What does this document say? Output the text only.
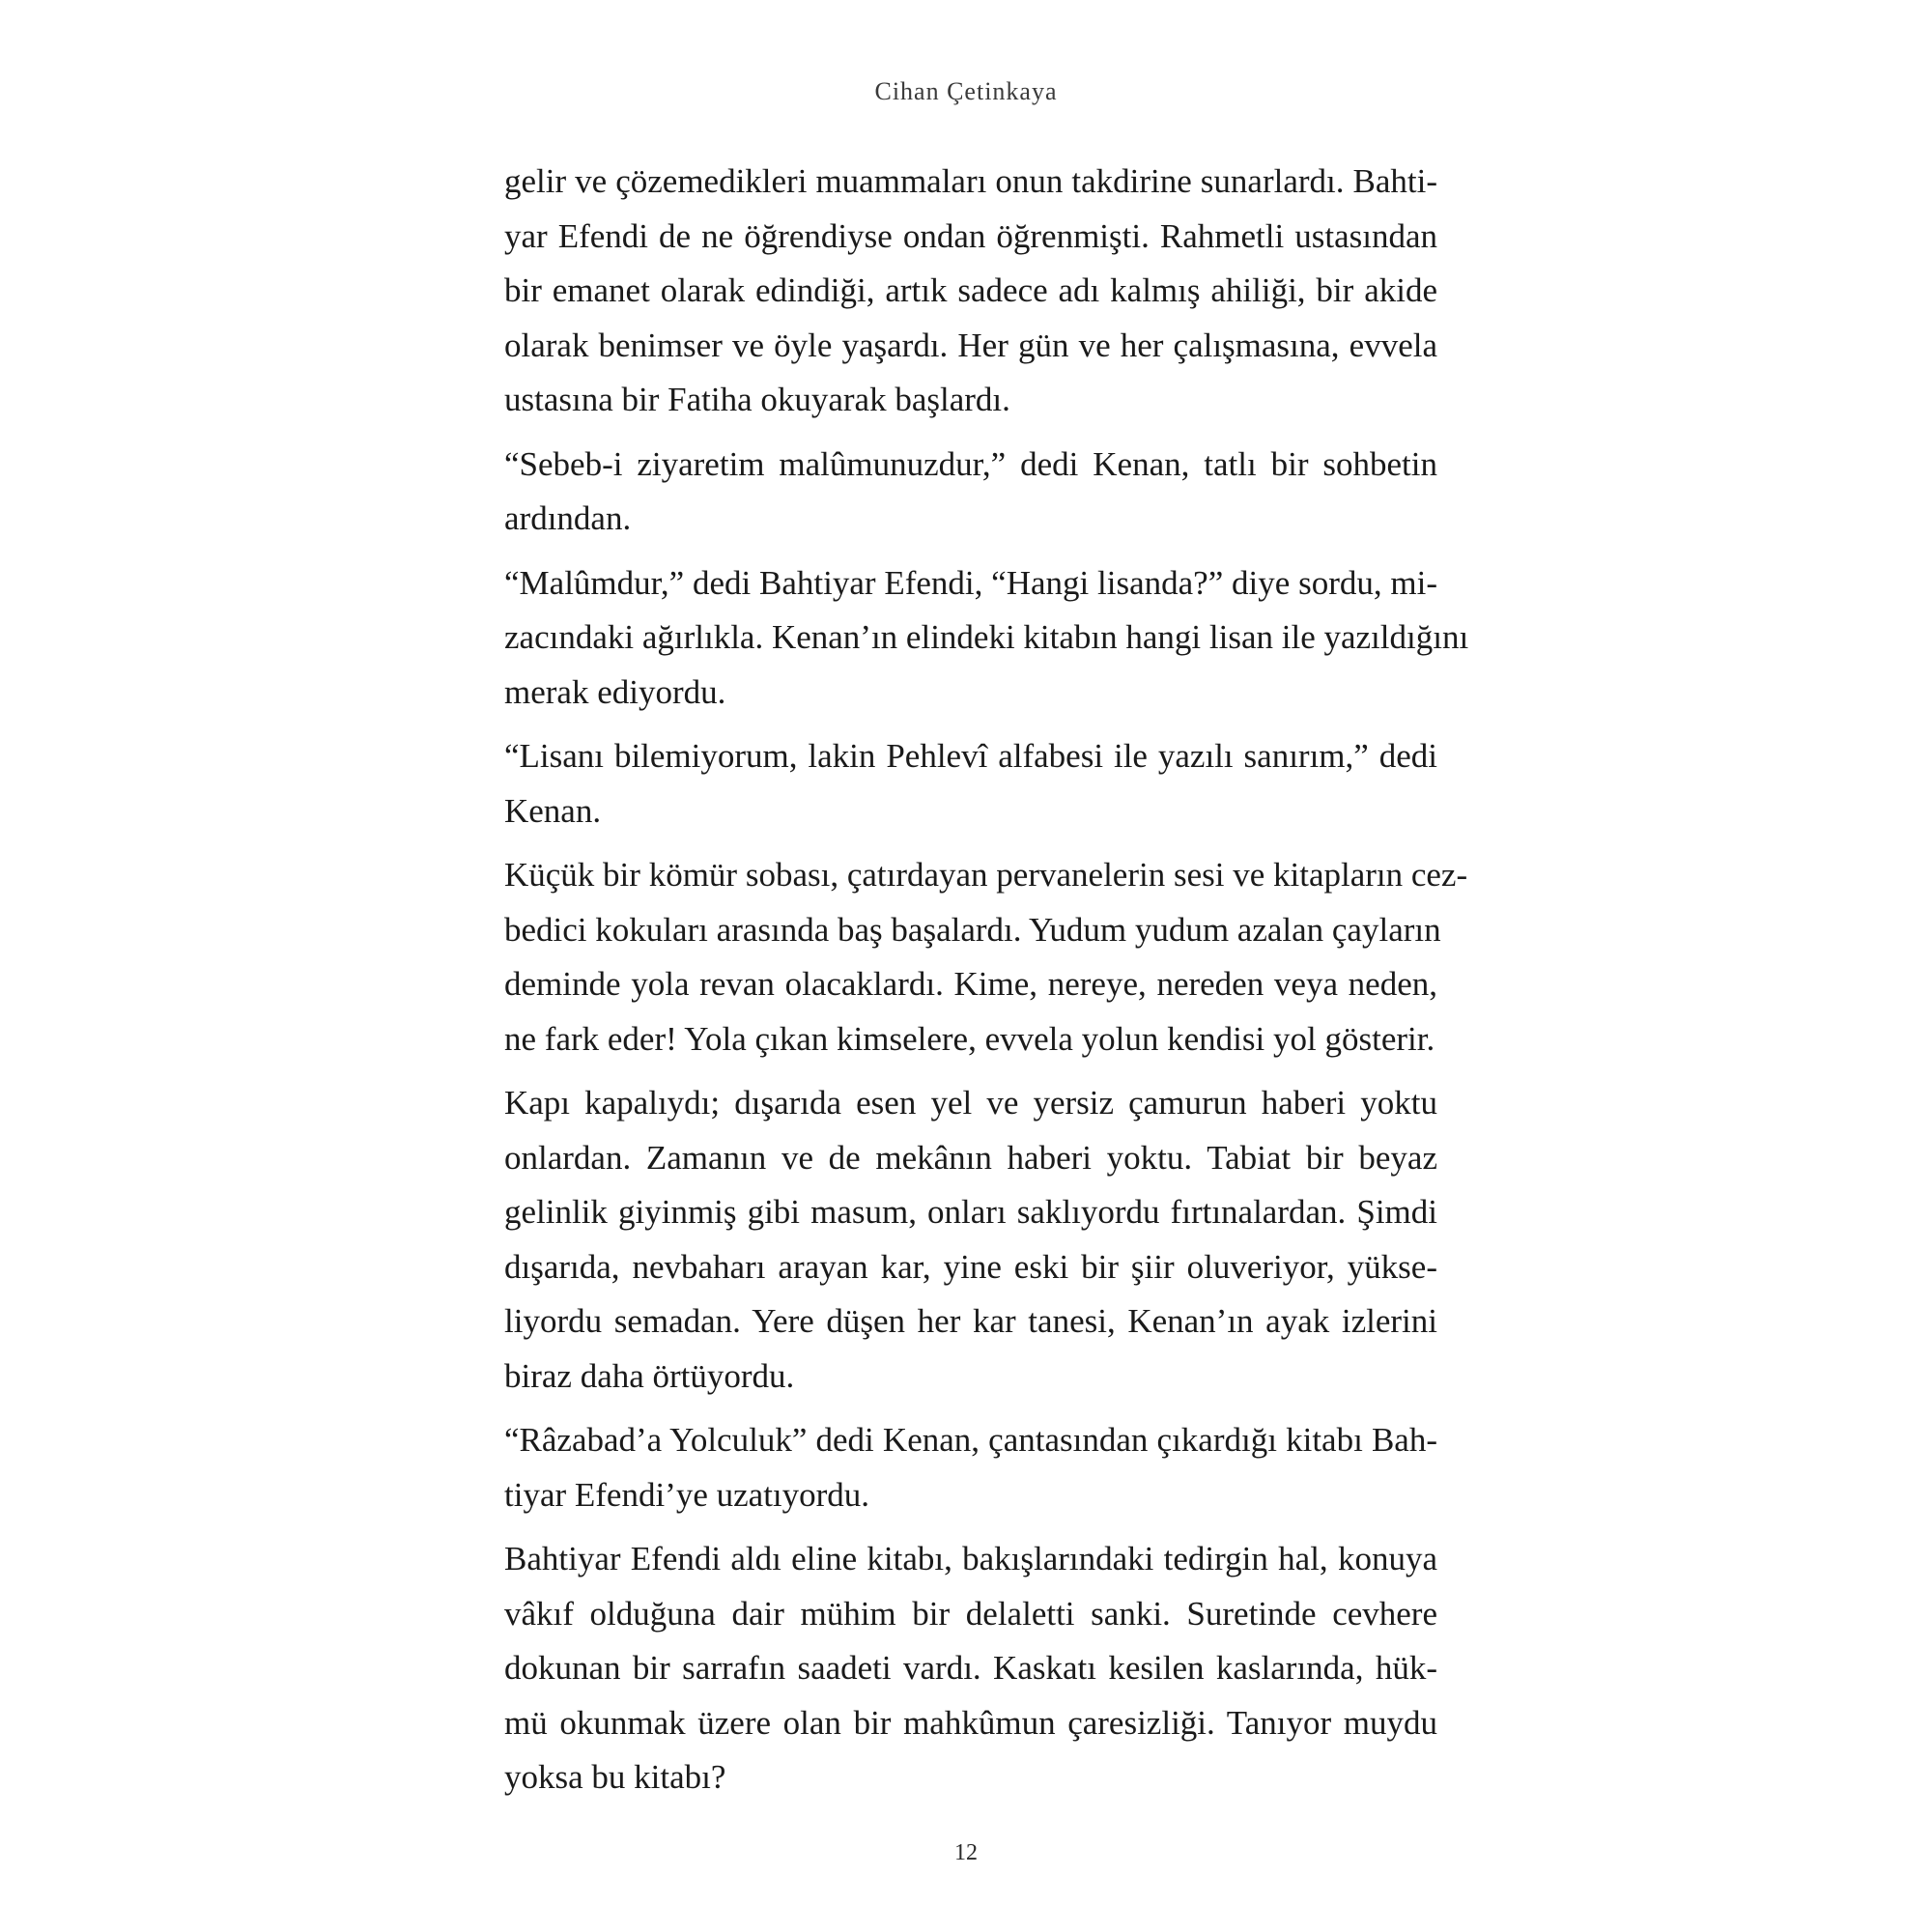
Cihan Çetinkaya

gelir ve çözemedikleri muammaları onun takdirine sunarlardı. Bahti-
yar Efendi de ne öğrendiyse ondan öğrenmişti. Rahmetli ustasından
bir emanet olarak edindiği, artık sadece adı kalmış ahiliği, bir akide
olarak benimser ve öyle yaşardı. Her gün ve her çalışmasına, evvela
ustasına bir Fatiha okuyarak başlardı.

“Sebeb-i ziyaretim malûmunuzdur,” dedi Kenan, tatlı bir sohbetin
ardından.

“Malûmdur,” dedi Bahtiyar Efendi, “Hangi lisanda?” diye sordu, mi-
zacındaki ağırlıkla. Kenan’ın elindeki kitabın hangi lisan ile yazıldığını
merak ediyordu.

“Lisanı bilemiyorum, lakin Pehlevî alfabesi ile yazılı sanırım,” dedi
Kenan.

Küçük bir kömür sobası, çatırdayan pervanelerin sesi ve kitapların cez-
bedici kokuları arasında baş başalardı. Yudum yudum azalan çayların
deminde yola revan olacaklardı. Kime, nereye, nereden veya neden,
ne fark eder! Yola çıkan kimselere, evvela yolun kendisi yol gösterir.

Kapı kapalıydı; dışarıda esen yel ve yersiz çamurun haberi yoktu
onlardan. Zamanın ve de mekânın haberi yoktu. Tabiat bir beyaz
gelinlik giyinmiş gibi masum, onları saklıyordu fırtınalardan. Şimdi
dışarıda, nevbaharı arayan kar, yine eski bir şiir oluveriyor, yükse-
liyordu semadan. Yere düşen her kar tanesi, Kenan’ın ayak izlerini
biraz daha örtüyordu.

“Râzabad’a Yolculuk” dedi Kenan, çantasından çıkardığı kitabı Bah-
tiyar Efendi’ye uzatıyordu.

Bahtiyar Efendi aldı eline kitabı, bakışlarındaki tedirgin hal, konuya
vâkıf olduğuna dair mühim bir delaletti sanki. Suretinde cevhere
dokunan bir sarrafın saadeti vardı. Kaskatı kesilen kaslarında, hük-
mü okunmak üzere olan bir mahkûmun çaresizliği. Tanıyor muydu
yoksa bu kitabı?

12
